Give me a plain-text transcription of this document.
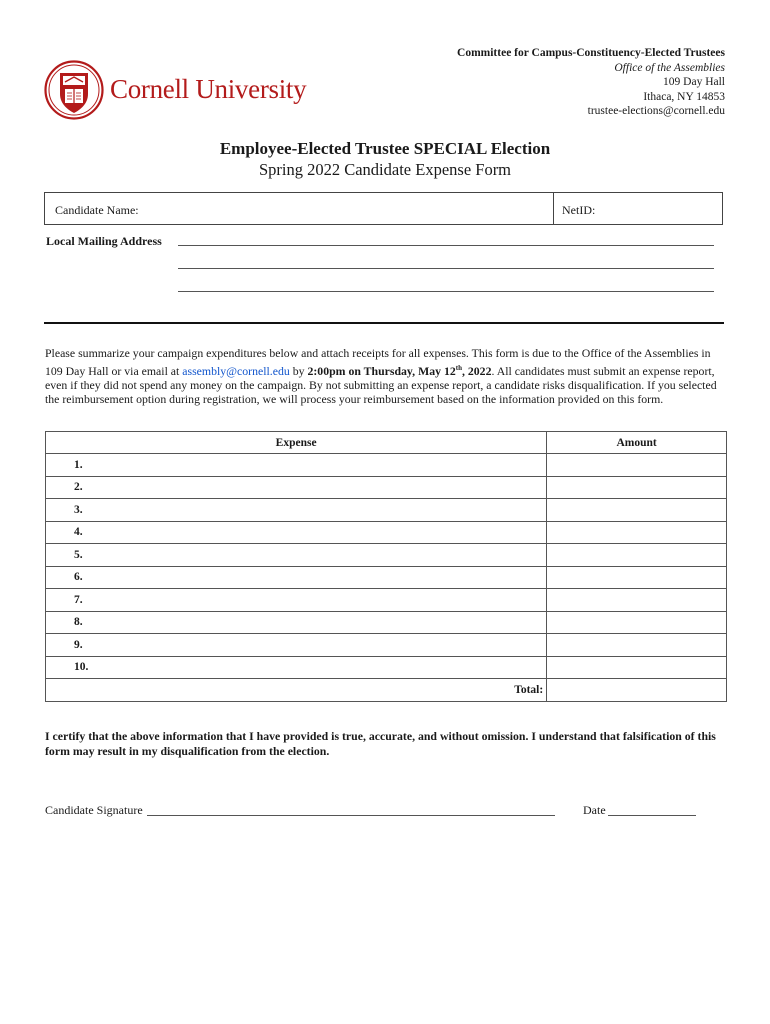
Cornell University
Committee for Campus-Constituency-Elected Trustees
Office of the Assemblies
109 Day Hall
Ithaca, NY 14853
trustee-elections@cornell.edu
Employee-Elected Trustee SPECIAL Election
Spring 2022 Candidate Expense Form
Candidate Name:	NetID:
Local Mailing Address
Please summarize your campaign expenditures below and attach receipts for all expenses. This form is due to the Office of the Assemblies in 109 Day Hall or via email at assembly@cornell.edu by 2:00pm on Thursday, May 12th, 2022. All candidates must submit an expense report, even if they did not spend any money on the campaign. By not submitting an expense report, a candidate risks disqualification. If you selected the reimbursement option during registration, we will process your reimbursement based on the information provided on this form.
Expense	Amount
1.	
2.	
3.	
4.	
5.	
6.	
7.	
8.	
9.	
10.	
Total:	
I certify that the above information that I have provided is true, accurate, and without omission. I understand that falsification of this form may result in my disqualification from the election.
Candidate Signature	Date
